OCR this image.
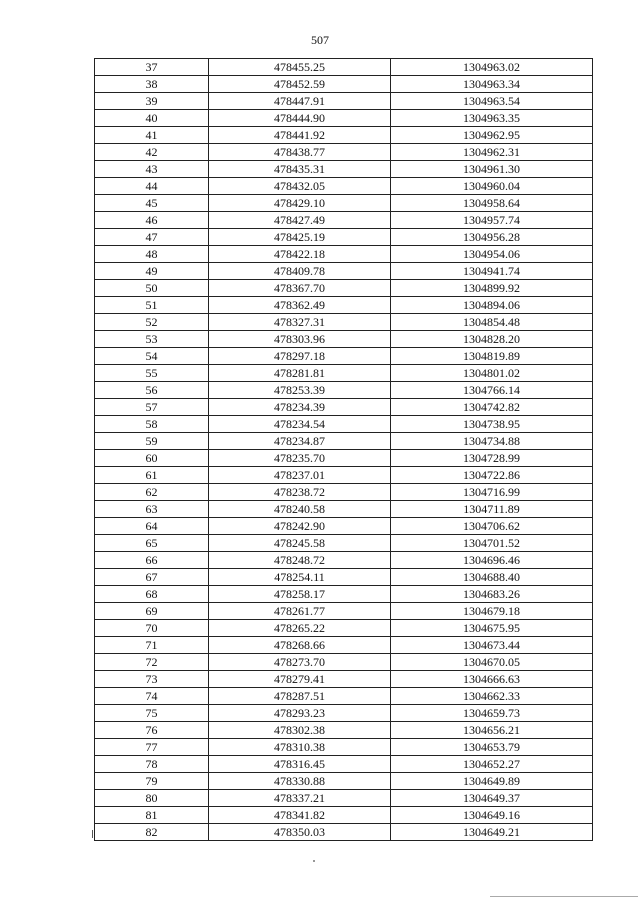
507
37	478455.25	1304963.02
38	478452.59	1304963.34
39	478447.91	1304963.54
40	478444.90	1304963.35
41	478441.92	1304962.95
42	478438.77	1304962.31
43	478435.31	1304961.30
44	478432.05	1304960.04
45	478429.10	1304958.64
46	478427.49	1304957.74
47	478425.19	1304956.28
48	478422.18	1304954.06
49	478409.78	1304941.74
50	478367.70	1304899.92
51	478362.49	1304894.06
52	478327.31	1304854.48
53	478303.96	1304828.20
54	478297.18	1304819.89
55	478281.81	1304801.02
56	478253.39	1304766.14
57	478234.39	1304742.82
58	478234.54	1304738.95
59	478234.87	1304734.88
60	478235.70	1304728.99
61	478237.01	1304722.86
62	478238.72	1304716.99
63	478240.58	1304711.89
64	478242.90	1304706.62
65	478245.58	1304701.52
66	478248.72	1304696.46
67	478254.11	1304688.40
68	478258.17	1304683.26
69	478261.77	1304679.18
70	478265.22	1304675.95
71	478268.66	1304673.44
72	478273.70	1304670.05
73	478279.41	1304666.63
74	478287.51	1304662.33
75	478293.23	1304659.73
76	478302.38	1304656.21
77	478310.38	1304653.79
78	478316.45	1304652.27
79	478330.88	1304649.89
80	478337.21	1304649.37
81	478341.82	1304649.16
82	478350.03	1304649.21
